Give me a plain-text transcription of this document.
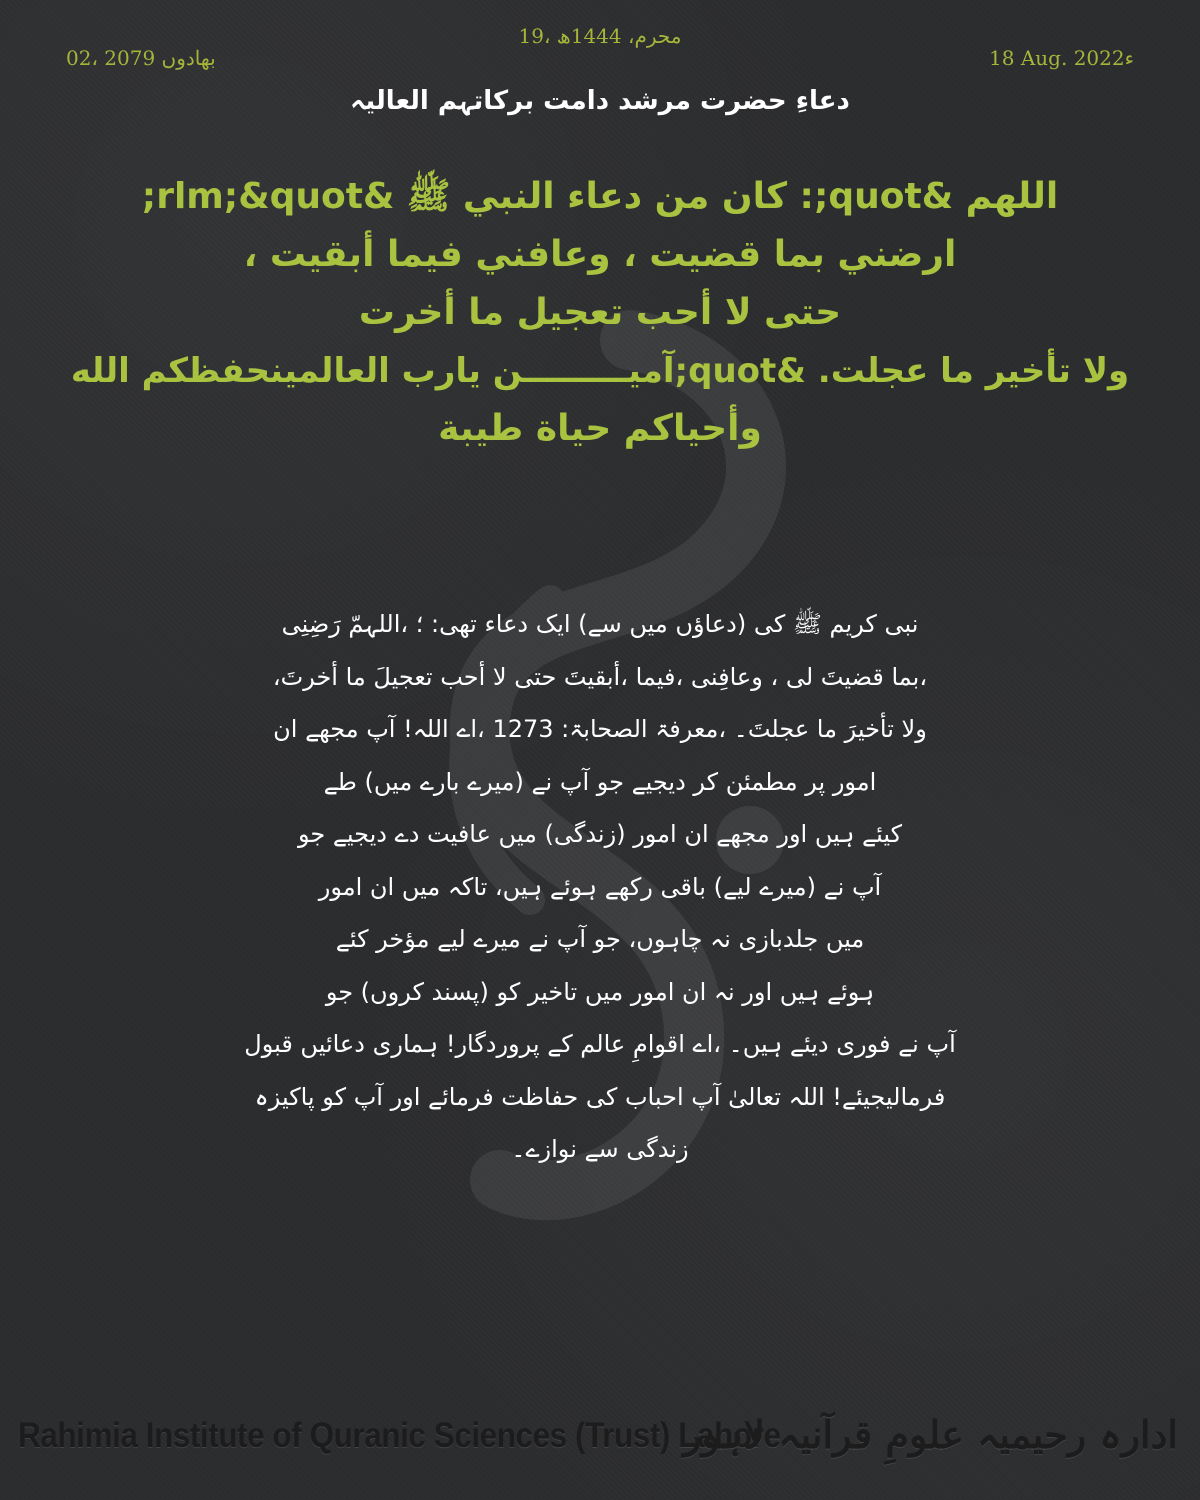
19، محرم، 1444ھ
02، بھادوں 2079	18 Aug. 2022ء
دعاءِ حضرت مرشد دامت برکاتہم العالیہ
اللهم &quot;: كان من دعاء النبي ﷺ &rlm;&quot;
ارضني بما قضيت ، وعافني فيما أبقيت ،
حتى لا أحب تعجيل ما أخرت
ولا تأخير ما عجلت. &quot;آمیـــــــــن یارب العالمینحفظکم الله
وأحیاکم حیاة طیبة
نبی کریم ﷺ کی (دعاؤں میں سے) ایک دعاء تھی: ؛ ،اللہمّ رَضِنِی
،بما قضیتَ لی ، وعافِنی ،فیما ،أبقیتَ حتی لا أحب تعجیلَ ما أخرتَ،
ولا تأخیرَ ما عجلتَ۔ ،معرفۃ الصحابۃ: 1273 ،اے اللہ! آپ مجھے ان
امور پر مطمئن کر دیجیے جو آپ نے (میرے بارے میں) طے
کیئے ہیں اور مجھے ان امور (زندگی) میں عافیت دے دیجیے جو
آپ نے (میرے لیے) باقی رکھے ہوئے ہیں، تاکہ میں ان امور
میں جلدبازی نہ چاہوں، جو آپ نے میرے لیے مؤخر کئے
ہوئے ہیں اور نہ ان امور میں تاخیر کو (پسند کروں) جو
آپ نے فوری دیئے ہیں۔ ،اے اقوامِ عالم کے پروردگار! ہماری دعائیں قبول
فرمالیجیئے! اللہ تعالیٰ آپ احباب کی حفاظت فرمائے اور آپ کو پاکیزہ
زندگی سے نوازے۔
Rahimia Institute of Quranic Sciences (Trust) Lahore
ادارہ رحیمیہ علومِ قرآنیہ لاہور
